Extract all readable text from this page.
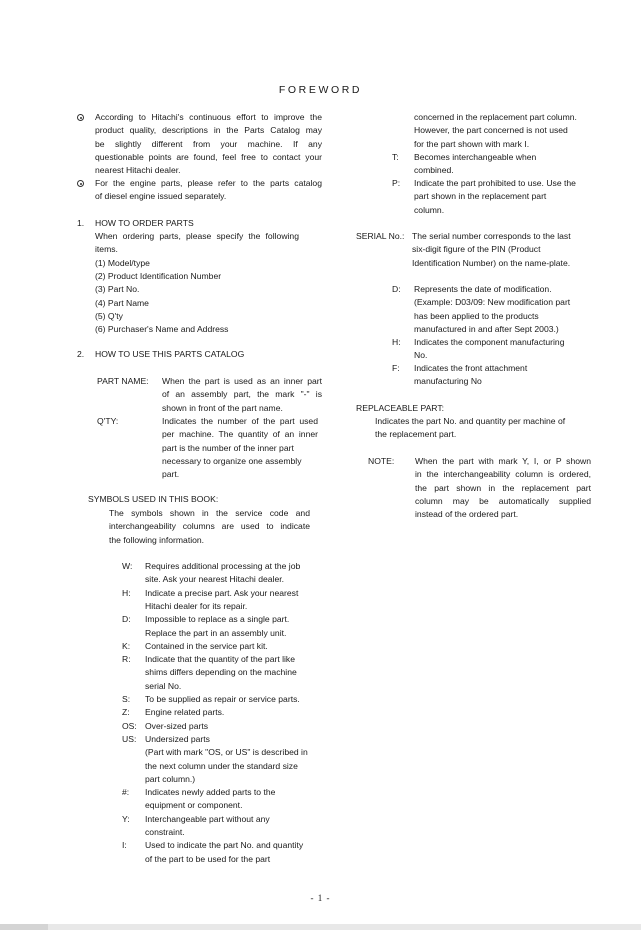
FOREWORD
According to Hitachi's continuous effort to improve the
product quality, descriptions in the Parts Catalog may
be slightly different from your machine. If any
questionable points are found, feel free to contact your
nearest Hitachi dealer.
For the engine parts, please refer to the parts catalog
of diesel engine issued separately.
1. HOW TO ORDER PARTS
When ordering parts, please specify the following
items.
(1) Model/type
(2) Product Identification Number
(3) Part No.
(4) Part Name
(5) Q'ty
(6) Purchaser's Name and Address
2. HOW TO USE THIS PARTS CATALOG
PART NAME: When the part is used as an inner part
of an assembly part, the mark "-" is
shown in front of the part name.
Q'TY:	Indicates the number of the part used
per machine. The quantity of an inner
part is the number of the inner part
necessary to organize one assembly
part.
SYMBOLS USED IN THIS BOOK:
The symbols shown in the service code and
interchangeability columns are used to indicate
the following information.
W: Requires additional processing at the job
site. Ask your nearest Hitachi dealer.
H: Indicate a precise part. Ask your nearest
Hitachi dealer for its repair.
D: Impossible to replace as a single part.
Replace the part in an assembly unit.
K: Contained in the service part kit.
R: Indicate that the quantity of the part like
shims differs depending on the machine
serial No.
S: To be supplied as repair or service parts.
Z: Engine related parts.
OS: Over-sized parts
US: Undersized parts
(Part with mark "OS, or US" is described in
the next column under the standard size
part column.)
#: Indicates newly added parts to the
equipment or component.
Y: Interchangeable part without any
constraint.
I: Used to indicate the part No. and quantity
of the part to be used for the part
concerned in the replacement part column.
However, the part concerned is not used
for the part shown with mark I.
T: Becomes interchangeable when
combined.
P: Indicate the part prohibited to use. Use the
part shown in the replacement part
column.
SERIAL No.: The serial number corresponds to the last
six-digit figure of the PIN (Product
Identification Number) on the name-plate.
D: Represents the date of modification.
(Example: D03/09: New modification part
has been applied to the products
manufactured in and after Sept 2003.)
H: Indicates the component manufacturing
No.
F: Indicates the front attachment
manufacturing No
REPLACEABLE PART:
Indicates the part No. and quantity per machine of
the replacement part.
NOTE: When the part with mark Y, I, or P shown
in the interchangeability column is ordered,
the part shown in the replacement part
column may be automatically supplied
instead of the ordered part.
- 1 -
